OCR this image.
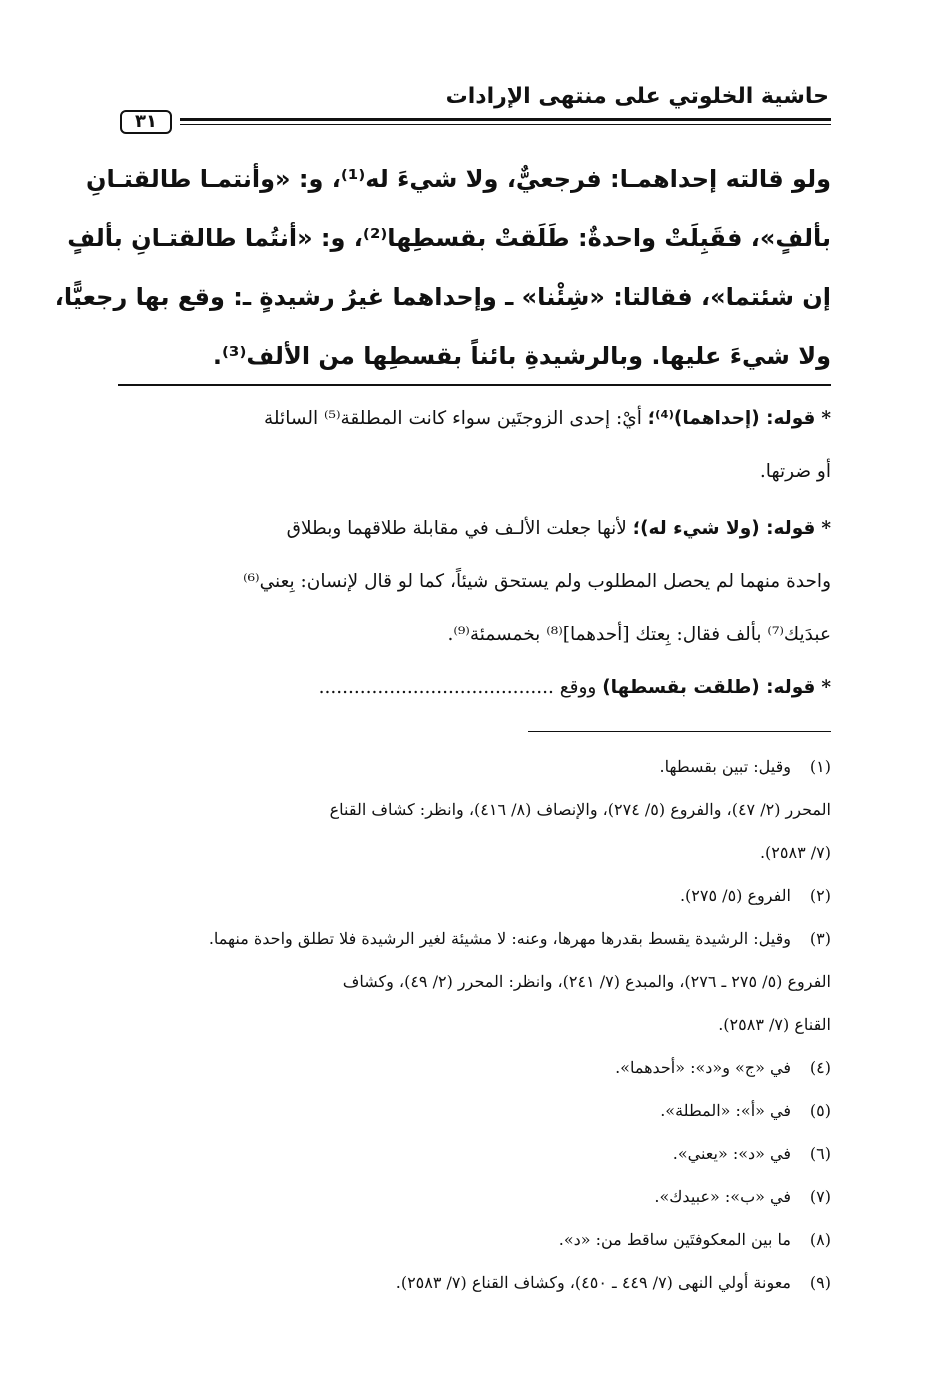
حاشية الخلوتي على منتهى الإرادات
٣١
ولو قالته إحداهمـا: فرجعيٌّ، ولا شيءَ له⁽¹⁾، و: «وأنتمـا طالقتـانِ
بألفٍ»، فقَبِلَتْ واحدةٌ: طَلَقتْ بقسطِها⁽²⁾، و: «أنتُما طالقتـانِ بألفٍ
إن شئتما»، فقالتا: «شِئْنا» ـ وإحداهما غيرُ رشيدةٍ ـ: وقع بها رجعيًّا،
ولا شيءَ عليها. وبالرشيدةِ بائناً بقسطِها من الألف⁽³⁾.
* قوله: (إحداهما)⁽⁴⁾؛ أيْ: إحدى الزوجتَين سواء كانت المطلقة⁽⁵⁾ السائلة
أو ضرتها.
* قوله: (ولا شيء له)؛ لأنها جعلت الألـف في مقابلة طلاقهما وبطلاق
واحدة منهما لم يحصل المطلوب ولم يستحق شيئاً، كما لو قال لإنسان: بِعني⁽⁶⁾
عبدَيك⁽⁷⁾ بألف فقال: بِعتك [أحدهما]⁽⁸⁾ بخمسمئة⁽⁹⁾.
* قوله: (طلقت بقسطها) ووقع ........................................
(١)وقيل: تبين بقسطها.
المحرر (٢/ ٤٧)، والفروع (٥/ ٢٧٤)، والإنصاف (٨/ ٤١٦)، وانظر: كشاف القناع
(٧/ ٢٥٨٣).
(٢)الفروع (٥/ ٢٧٥).
(٣)وقيل: الرشيدة يقسط بقدرها مهرها، وعنه: لا مشيئة لغير الرشيدة فلا تطلق واحدة منهما.
الفروع (٥/ ٢٧٥ ـ ٢٧٦)، والمبدع (٧/ ٢٤١)، وانظر: المحرر (٢/ ٤٩)، وكشاف
القناع (٧/ ٢٥٨٣).
(٤)في «ج» و«د»: «أحدهما».
(٥)في «أ»: «المطلة».
(٦)في «د»: «يعني».
(٧)في «ب»: «عبيدك».
(٨)ما بين المعكوفتَين ساقط من: «د».
(٩)معونة أولي النهى (٧/ ٤٤٩ ـ ٤٥٠)، وكشاف القناع (٧/ ٢٥٨٣).
